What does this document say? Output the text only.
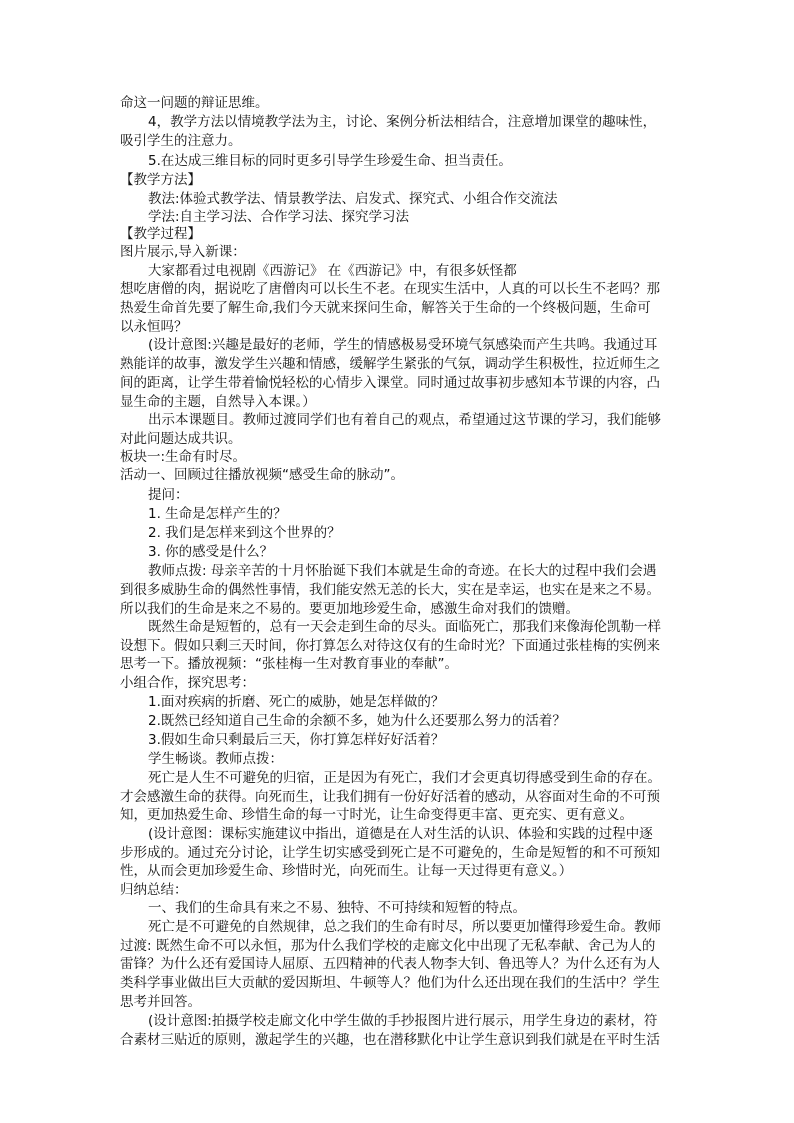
命这一问题的辩证思维。
4，教学方法以情境教学法为主，讨论、案例分析法相结合，注意增加课堂的趣味性，
吸引学生的注意力。
5.在达成三维目标的同时更多引导学生珍爱生命、担当责任。
【教学方法】
教法:体验式教学法、情景教学法、启发式、探究式、小组合作交流法
学法:自主学习法、合作学习法、探究学习法
【教学过程】
图片展示,导入新课：
大家都看过电视剧《西游记》 在《西游记》中，有很多妖怪都
想吃唐僧的肉，据说吃了唐僧肉可以长生不老。在现实生活中，人真的可以长生不老吗？那
热爱生命首先要了解生命,我们今天就来探问生命，解答关于生命的一个终极问题，生命可
以永恒吗？
(设计意图:兴趣是最好的老师，学生的情感极易受环境气氛感染而产生共鸣。我通过耳
熟能详的故事，激发学生兴趣和情感，缓解学生紧张的气氛，调动学生积极性，拉近师生之
间的距离，让学生带着愉悦轻松的心情步入课堂。同时通过故事初步感知本节课的内容，凸
显生命的主题，自然导入本课。）
出示本课题目。教师过渡同学们也有着自己的观点，希望通过这节课的学习，我们能够
对此问题达成共识。
板块一:生命有时尽。
活动一、回顾过往播放视频“感受生命的脉动”。
提问：
1. 生命是怎样产生的？
2. 我们是怎样来到这个世界的？
3. 你的感受是什么？
教师点拨: 母亲辛苦的十月怀胎诞下我们本就是生命的奇迹。在长大的过程中我们会遇
到很多威胁生命的偶然性事情，我们能安然无恙的长大，实在是幸运，也实在是来之不易。
所以我们的生命是来之不易的。要更加地珍爱生命，感激生命对我们的馈赠。
既然生命是短暂的，总有一天会走到生命的尽头。面临死亡，那我们来像海伦凯勒一样
设想下。假如只剩三天时间，你打算怎么对待这仅有的生命时光？下面通过张桂梅的实例来
思考一下。播放视频：“张桂梅一生对教育事业的奉献”。
小组合作，探究思考：
1.面对疾病的折磨、死亡的威胁，她是怎样做的？
2.既然已经知道自己生命的余额不多，她为什么还要那么努力的活着？
3.假如生命只剩最后三天，你打算怎样好好活着？
学生畅谈。教师点拨：
死亡是人生不可避免的归宿，正是因为有死亡，我们才会更真切得感受到生命的存在。
才会感激生命的获得。向死而生，让我们拥有一份好好活着的感动，从容面对生命的不可预
知，更加热爱生命、珍惜生命的每一寸时光，让生命变得更丰富、更充实、更有意义。
(设计意图：课标实施建议中指出，道德是在人对生活的认识、体验和实践的过程中逐
步形成的。通过充分讨论，让学生切实感受到死亡是不可避免的，生命是短暂的和不可预知
性，从而会更加珍爱生命、珍惜时光，向死而生。让每一天过得更有意义。）
归纳总结：
一、我们的生命具有来之不易、独特、不可持续和短暂的特点。
死亡是不可避免的自然规律，总之我们的生命有时尽，所以要更加懂得珍爱生命。教师
过渡: 既然生命不可以永恒，那为什么我们学校的走廊文化中出现了无私奉献、舍己为人的
雷锋？为什么还有爱国诗人屈原、五四精神的代表人物李大钊、鲁迅等人？为什么还有为人
类科学事业做出巨大贡献的爱因斯坦、牛顿等人？他们为什么还出现在我们的生活中？学生
思考并回答。
(设计意图:拍摄学校走廊文化中学生做的手抄报图片进行展示，用学生身边的素材，符
合素材三贴近的原则，激起学生的兴趣，也在潜移默化中让学生意识到我们就是在平时生活
